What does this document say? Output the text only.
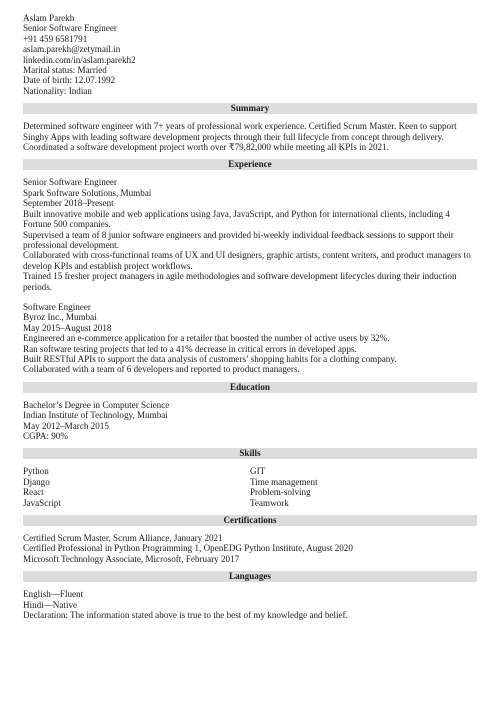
Aslam Parekh
Senior Software Engineer
+91 459 6581791
aslam.parekh@zetymail.in
linkedin.com/in/aslam.parekh2
Marital status: Married
Date of birth: 12.07.1992
Nationality: Indian
Summary
Determined software engineer with 7+ years of professional work experience. Certified Scrum Master. Keen to support Singhy Apps with leading software development projects through their full lifecycle from concept through delivery. Coordinated a software development project worth over ₹79,82,000 while meeting all KPIs in 2021.
Experience
Senior Software Engineer
Spark Software Solutions, Mumbai
September 2018–Present
Built innovative mobile and web applications using Java, JavaScript, and Python for international clients, including 4 Fortune 500 companies.
Supervised a team of 8 junior software engineers and provided bi-weekly individual feedback sessions to support their professional development.
Collaborated with cross-functional teams of UX and UI designers, graphic artists, content writers, and product managers to develop KPIs and establish project workflows.
Trained 15 fresher project managers in agile methodologies and software development lifecycles during their induction periods.
Software Engineer
Byroz Inc., Mumbai
May 2015–August 2018
Engineered an e-commerce application for a retailer that boosted the number of active users by 32%.
Ran software testing projects that led to a 41% decrease in critical errors in developed apps.
Built RESTful APIs to support the data analysis of customers’ shopping habits for a clothing company.
Collaborated with a team of 6 developers and reported to product managers.
Education
Bachelor’s Degree in Computer Science
Indian Institute of Technology, Mumbai
May 2012–March 2015
CGPA: 90%
Skills
Python
Django
React
JavaScript
GIT
Time management
Problem-solving
Teamwork
Certifications
Certified Scrum Master, Scrum Alliance, January 2021
Certified Professional in Python Programming 1, OpenEDG Python Institute, August 2020
Microsoft Technology Associate, Microsoft, February 2017
Languages
English—Fluent
Hindi—Native
Declaration: The information stated above is true to the best of my knowledge and belief.
